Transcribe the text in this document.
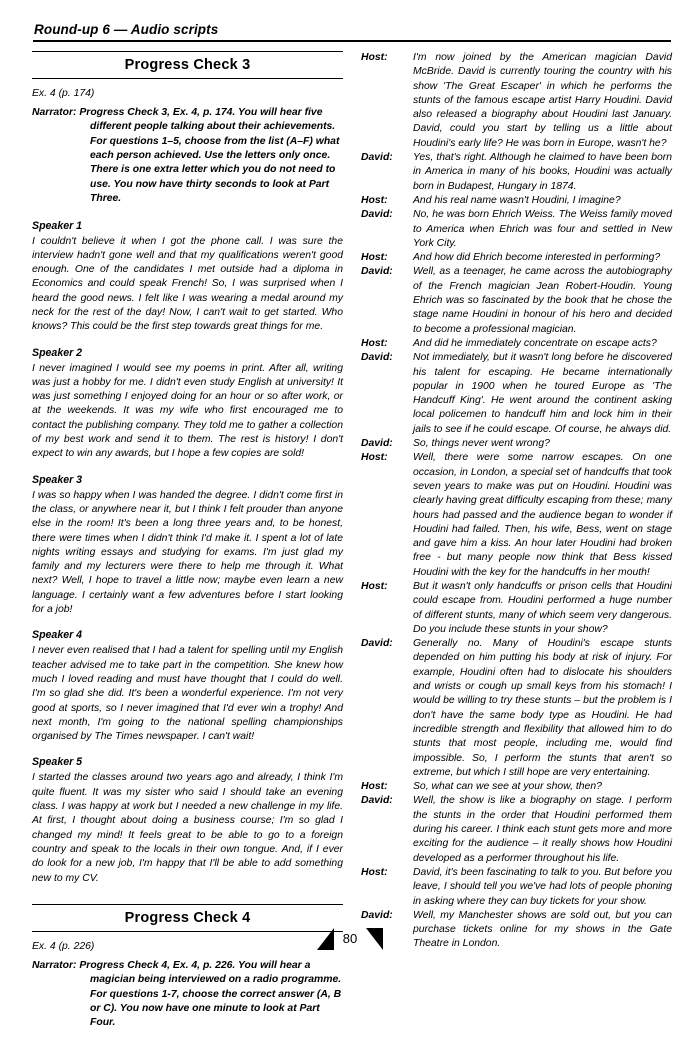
Round-up 6 — Audio scripts
Progress Check 3
Ex. 4 (p. 174)
Narrator: Progress Check 3, Ex. 4, p. 174. You will hear five different people talking about their achievements. For questions 1–5, choose from the list (A–F) what each person achieved. Use the letters only once. There is one extra letter which you do not need to use. You now have thirty seconds to look at Part Three.
Speaker 1
I couldn't believe it when I got the phone call. I was sure the interview hadn't gone well and that my qualifications weren't good enough. One of the candidates I met outside had a diploma in Economics and could speak French! So, I was surprised when I heard the good news. I felt like I was wearing a medal around my neck for the rest of the day! Now, I can't wait to get started. Who knows? This could be the first step towards great things for me.
Speaker 2
I never imagined I would see my poems in print. After all, writing was just a hobby for me. I didn't even study English at university! It was just something I enjoyed doing for an hour or so after work, or at the weekends. It was my wife who first encouraged me to contact the publishing company. They told me to gather a collection of my best work and send it to them. The rest is history! I don't expect to win any awards, but I hope a few copies are sold!
Speaker 3
I was so happy when I was handed the degree. I didn't come first in the class, or anywhere near it, but I think I felt prouder than anyone else in the room! It's been a long three years and, to be honest, there were times when I didn't think I'd make it. I spent a lot of late nights writing essays and studying for exams. I'm just glad my family and my lecturers were there to help me through it. What next? Well, I hope to travel a little now; maybe even learn a new language. I certainly want a few adventures before I start looking for a job!
Speaker 4
I never even realised that I had a talent for spelling until my English teacher advised me to take part in the competition. She knew how much I loved reading and must have thought that I could do well. I'm so glad she did. It's been a wonderful experience. I'm not very good at sports, so I never imagined that I'd ever win a trophy! And next month, I'm going to the national spelling championships organised by The Times newspaper. I can't wait!
Speaker 5
I started the classes around two years ago and already, I think I'm quite fluent. It was my sister who said I should take an evening class. I was happy at work but I needed a new challenge in my life. At first, I thought about doing a business course; I'm so glad I changed my mind! It feels great to be able to go to a foreign country and speak to the locals in their own tongue. And, if I ever do look for a new job, I'm happy that I'll be able to add something new to my CV.
Progress Check 4
Ex. 4 (p. 226)
Narrator: Progress Check 4, Ex. 4, p. 226. You will hear a magician being interviewed on a radio programme. For questions 1-7, choose the correct answer (A, B or C). You now have one minute to look at Part Four.
Host:	I'm now joined by the American magician David McBride. David is currently touring the country with his show 'The Great Escaper' in which he performs the stunts of the famous escape artist Harry Houdini. David also released a biography about Houdini last January. David, could you start by telling us a little about Houdini's early life? He was born in Europe, wasn't he?
David:	Yes, that's right. Although he claimed to have been born in America in many of his books, Houdini was actually born in Budapest, Hungary in 1874.
Host:	And his real name wasn't Houdini, I imagine?
David:	No, he was born Ehrich Weiss. The Weiss family moved to America when Ehrich was four and settled in New York City.
Host:	And how did Ehrich become interested in performing?
David:	Well, as a teenager, he came across the autobiography of the French magician Jean Robert-Houdin. Young Ehrich was so fascinated by the book that he chose the stage name Houdini in honour of his hero and decided to become a professional magician.
Host:	And did he immediately concentrate on escape acts?
David:	Not immediately, but it wasn't long before he discovered his talent for escaping. He became internationally popular in 1900 when he toured Europe as 'The Handcuff King'. He went around the continent asking local policemen to handcuff him and lock him in their jails to see if he could escape. Of course, he always did.
David:	So, things never went wrong?
Host:	Well, there were some narrow escapes. On one occasion, in London, a special set of handcuffs that took seven years to make was put on Houdini. Houdini was clearly having great difficulty escaping from these; many hours had passed and the audience began to wonder if Houdini had failed. Then, his wife, Bess, went on stage and gave him a kiss. An hour later Houdini had broken free - but many people now think that Bess kissed Houdini with the key for the handcuffs in her mouth!
Host:	But it wasn't only handcuffs or prison cells that Houdini could escape from. Houdini performed a huge number of different stunts, many of which seem very dangerous. Do you include these stunts in your show?
David:	Generally no. Many of Houdini's escape stunts depended on him putting his body at risk of injury. For example, Houdini often had to dislocate his shoulders and wrists or cough up small keys from his stomach! I would be willing to try these stunts – but the problem is I don't have the same body type as Houdini. He had incredible strength and flexibility that allowed him to do stunts that most people, including me, would find impossible. So, I perform the stunts that aren't so extreme, but which I still hope are very entertaining.
Host:	So, what can we see at your show, then?
David:	Well, the show is like a biography on stage. I perform the stunts in the order that Houdini performed them during his career. I think each stunt gets more and more exciting for the audience – it really shows how Houdini developed as a performer throughout his life.
Host:	David, it's been fascinating to talk to you. But before you leave, I should tell you we've had lots of people phoning in asking where they can buy tickets for your show.
David:	Well, my Manchester shows are sold out, but you can purchase tickets online for my shows in the Gate Theatre in London.
80
